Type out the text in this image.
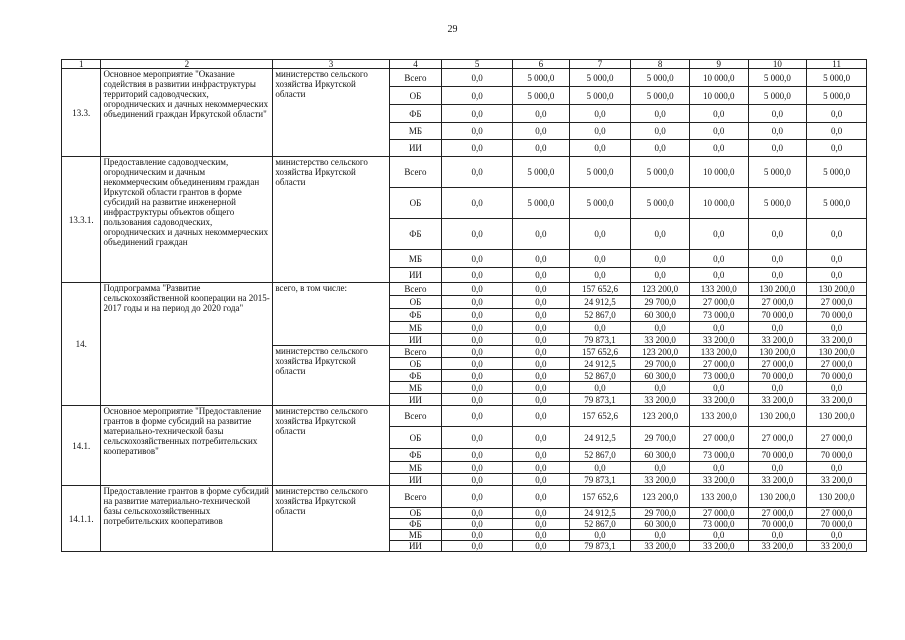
29
1	2	3	4	5	6	7	8	9	10	11
13.3.	Основное мероприятие "Оказание содействия в развитии инфраструктуры территорий садоводческих, огороднических и дачных некоммерческих объединений граждан Иркутской области"	министерство сельского хозяйства Иркутской области	Всего	0,0	5 000,0	5 000,0	5 000,0	10 000,0	5 000,0	5 000,0
			ОБ	0,0	5 000,0	5 000,0	5 000,0	10 000,0	5 000,0	5 000,0
			ФБ	0,0	0,0	0,0	0,0	0,0	0,0	0,0
			МБ	0,0	0,0	0,0	0,0	0,0	0,0	0,0
			ИИ	0,0	0,0	0,0	0,0	0,0	0,0	0,0
13.3.1.	Предоставление садоводческим, огородническим и дачным некоммерческим объединениям граждан Иркутской области грантов в форме субсидий на развитие инженерной инфраструктуры объектов общего пользования садоводческих, огороднических и дачных некоммерческих объединений граждан	министерство сельского хозяйства Иркутской области	Всего	0,0	5 000,0	5 000,0	5 000,0	10 000,0	5 000,0	5 000,0
			ОБ	0,0	5 000,0	5 000,0	5 000,0	10 000,0	5 000,0	5 000,0
			ФБ	0,0	0,0	0,0	0,0	0,0	0,0	0,0
			МБ	0,0	0,0	0,0	0,0	0,0	0,0	0,0
			ИИ	0,0	0,0	0,0	0,0	0,0	0,0	0,0
14.	Подпрограмма "Развитие сельскохозяйственной кооперации на 2015-2017 годы и на период до 2020 года"	всего, в том числе:	Всего	0,0	0,0	157 652,6	123 200,0	133 200,0	130 200,0	130 200,0
			ОБ	0,0	0,0	24 912,5	29 700,0	27 000,0	27 000,0	27 000,0
			ФБ	0,0	0,0	52 867,0	60 300,0	73 000,0	70 000,0	70 000,0
			МБ	0,0	0,0	0,0	0,0	0,0	0,0	0,0
			ИИ	0,0	0,0	79 873,1	33 200,0	33 200,0	33 200,0	33 200,0
		министерство сельского хозяйства Иркутской области	Всего	0,0	0,0	157 652,6	123 200,0	133 200,0	130 200,0	130 200,0
			ОБ	0,0	0,0	24 912,5	29 700,0	27 000,0	27 000,0	27 000,0
			ФБ	0,0	0,0	52 867,0	60 300,0	73 000,0	70 000,0	70 000,0
			МБ	0,0	0,0	0,0	0,0	0,0	0,0	0,0
			ИИ	0,0	0,0	79 873,1	33 200,0	33 200,0	33 200,0	33 200,0
14.1.	Основное мероприятие "Предоставление грантов в форме субсидий на развитие материально-технической базы сельскохозяйственных потребительских кооперативов"	министерство сельского хозяйства Иркутской области	Всего	0,0	0,0	157 652,6	123 200,0	133 200,0	130 200,0	130 200,0
			ОБ	0,0	0,0	24 912,5	29 700,0	27 000,0	27 000,0	27 000,0
			ФБ	0,0	0,0	52 867,0	60 300,0	73 000,0	70 000,0	70 000,0
			МБ	0,0	0,0	0,0	0,0	0,0	0,0	0,0
			ИИ	0,0	0,0	79 873,1	33 200,0	33 200,0	33 200,0	33 200,0
14.1.1.	Предоставление грантов в форме субсидий на развитие материально-технической базы сельскохозяйственных потребительских кооперативов	министерство сельского хозяйства Иркутской области	Всего	0,0	0,0	157 652,6	123 200,0	133 200,0	130 200,0	130 200,0
			ОБ	0,0	0,0	24 912,5	29 700,0	27 000,0	27 000,0	27 000,0
			ФБ	0,0	0,0	52 867,0	60 300,0	73 000,0	70 000,0	70 000,0
			МБ	0,0	0,0	0,0	0,0	0,0	0,0	0,0
			ИИ	0,0	0,0	79 873,1	33 200,0	33 200,0	33 200,0	33 200,0
